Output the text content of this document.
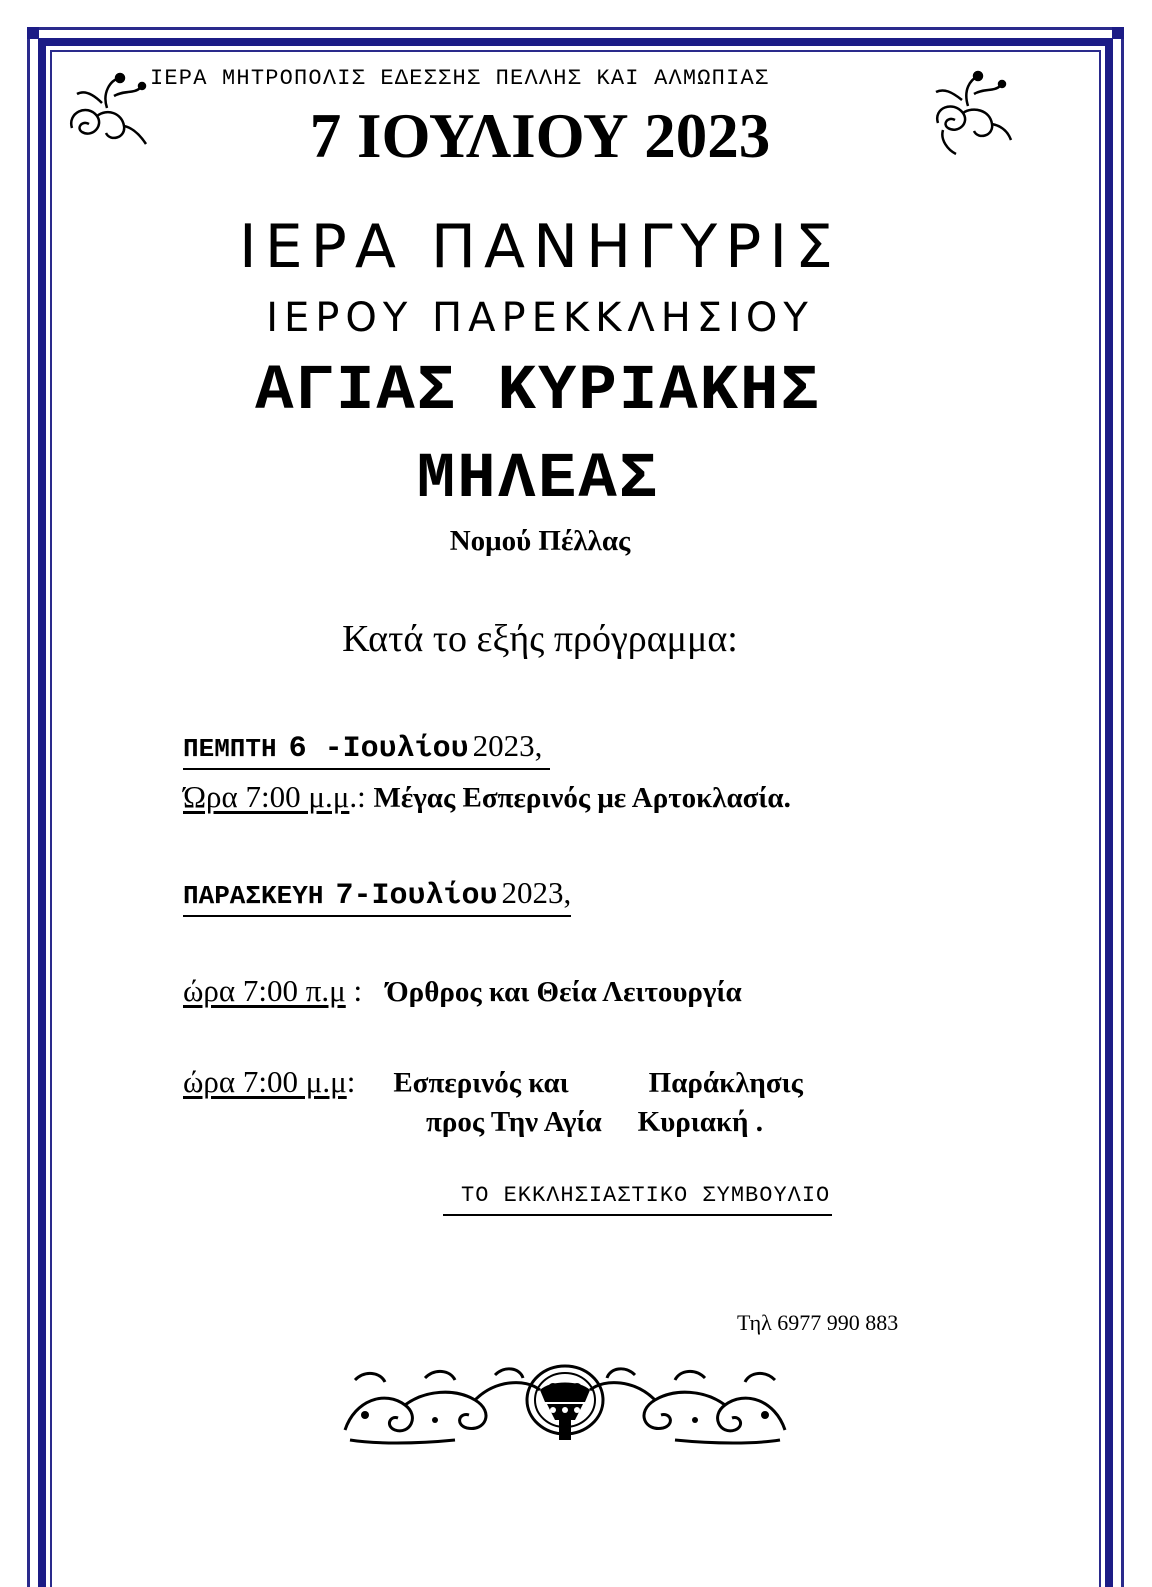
ΙΕΡΑ ΜΗΤΡΟΠΟΛΙΣ ΕΔΕΣΣΗΣ ΠΕΛΛΗΣ ΚΑΙ ΑΛΜΩΠΙΑΣ
7 ΙΟΥΛΙΟΥ 2023
ΙΕΡΑ ΠΑΝΗΓΥΡΙΣ
ΙΕΡΟΥ ΠΑΡΕΚΚΛΗΣΙΟΥ
ΑΓΙΑΣ ΚΥΡΙΑΚΗΣ
ΜΗΛΕΑΣ
Νομού Πέλλας
Κατά το εξής πρόγραμμα:
ΠΕΜΠΤΗ 6 -Ιουλίου 2023,
Ώρα 7:00 μ.μ.: Μέγας Εσπερινός με Αρτοκλασία.
ΠΑΡΑΣΚΕΥΗ 7-Ιουλίου 2023,
ώρα 7:00 π.μ : Όρθρος και Θεία Λειτουργία
ώρα 7:00 μ.μ: Εσπερινός και	Παράκλησις
προς Την Αγία Κυριακή .
ΤΟ ΕΚΚΛΗΣΙΑΣΤΙΚΟ ΣΥΜΒΟΥΛΙΟ
Τηλ 6977 990 883
